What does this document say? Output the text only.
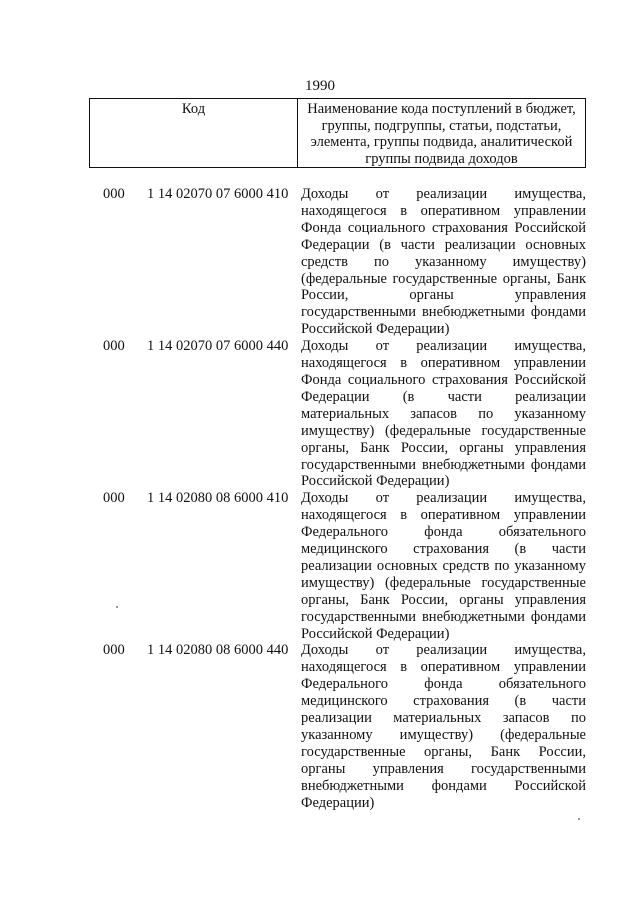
1990
Код	Наименование кода поступлений в бюджет, группы, подгруппы, статьи, подстатьи, элемента, группы подвида, аналитической группы подвида доходов
000 1 14 02070 07 6000 410 Доходы от реализации имущества, находящегося в оперативном управлении Фонда социального страхования Российской Федерации (в части реализации основных средств по указанному имуществу) (федеральные государственные органы, Банк России, органы управления государственными внебюджетными фондами Российской Федерации)
000 1 14 02070 07 6000 440 Доходы от реализации имущества, находящегося в оперативном управлении Фонда социального страхования Российской Федерации (в части реализации материальных запасов по указанному имуществу) (федеральные государственные органы, Банк России, органы управления государственными внебюджетными фондами Российской Федерации)
000 1 14 02080 08 6000 410 Доходы от реализации имущества, находящегося в оперативном управлении Федерального фонда обязательного медицинского страхования (в части реализации основных средств по указанному имуществу) (федеральные государственные органы, Банк России, органы управления государственными внебюджетными фондами Российской Федерации)
000 1 14 02080 08 6000 440 Доходы от реализации имущества, находящегося в оперативном управлении Федерального фонда обязательного медицинского страхования (в части реализации материальных запасов по указанному имуществу) (федеральные государственные органы, Банк России, органы управления государственными внебюджетными фондами Российской Федерации)
